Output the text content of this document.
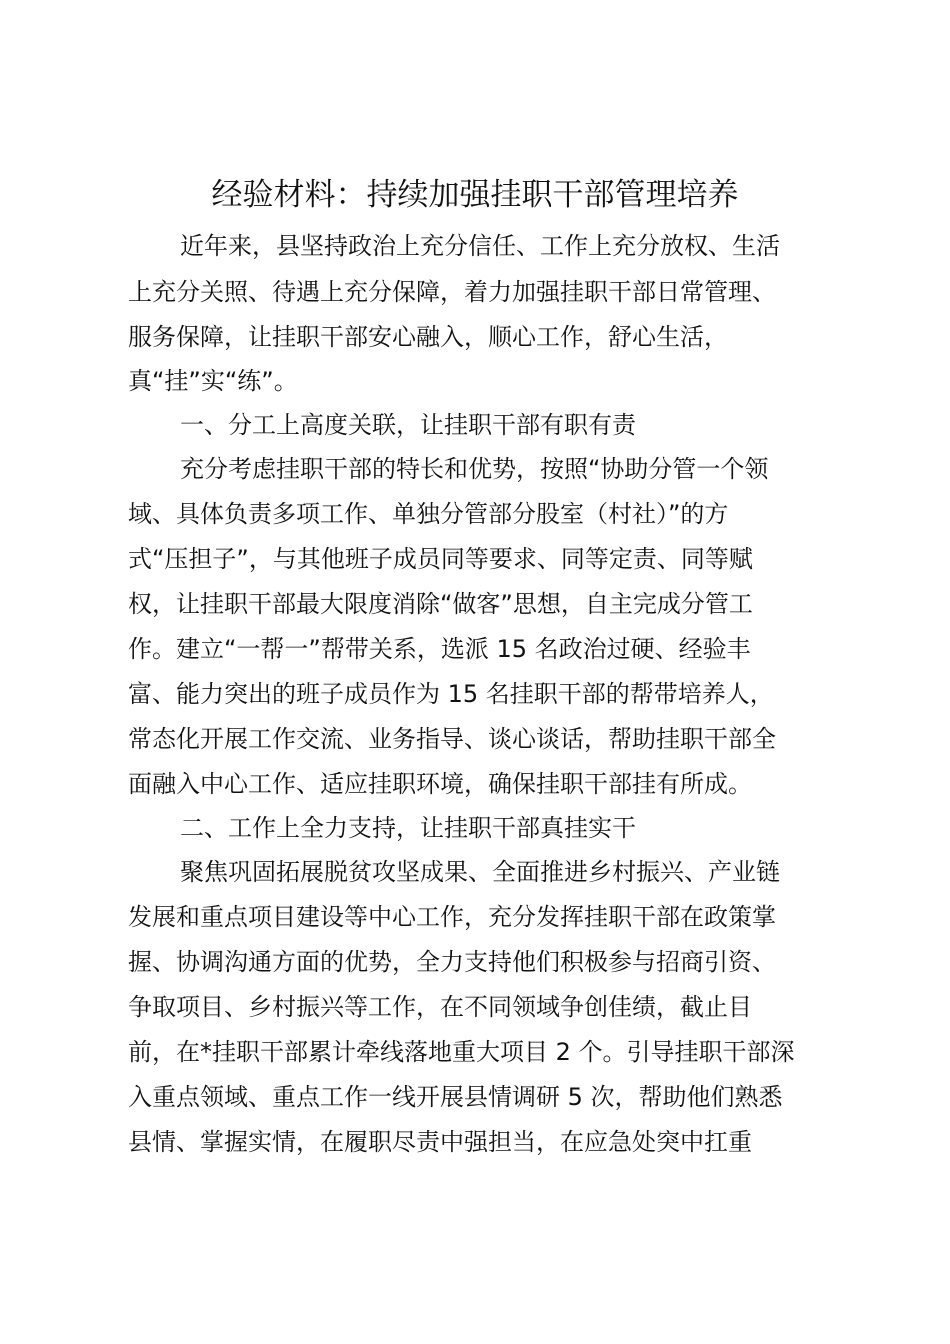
经验材料：持续加强挂职干部管理培养
近年来，县坚持政治上充分信任、工作上充分放权、生活
上充分关照、待遇上充分保障，着力加强挂职干部日常管理、
服务保障，让挂职干部安心融入，顺心工作，舒心生活，
真“挂”实“练”。
一、分工上高度关联，让挂职干部有职有责
充分考虑挂职干部的特长和优势，按照“协助分管一个领
域、具体负责多项工作、单独分管部分股室（村社）”的方
式“压担子”，与其他班子成员同等要求、同等定责、同等赋
权，让挂职干部最大限度消除“做客”思想，自主完成分管工
作。建立“一帮一”帮带关系，选派 15 名政治过硬、经验丰
富、能力突出的班子成员作为 15 名挂职干部的帮带培养人，
常态化开展工作交流、业务指导、谈心谈话，帮助挂职干部全
面融入中心工作、适应挂职环境，确保挂职干部挂有所成。
二、工作上全力支持，让挂职干部真挂实干
聚焦巩固拓展脱贫攻坚成果、全面推进乡村振兴、产业链
发展和重点项目建设等中心工作，充分发挥挂职干部在政策掌
握、协调沟通方面的优势，全力支持他们积极参与招商引资、
争取项目、乡村振兴等工作，在不同领域争创佳绩，截止目
前，在*挂职干部累计牵线落地重大项目 2 个。引导挂职干部深
入重点领域、重点工作一线开展县情调研 5 次，帮助他们熟悉
县情、掌握实情，在履职尽责中强担当，在应急处突中扛重
